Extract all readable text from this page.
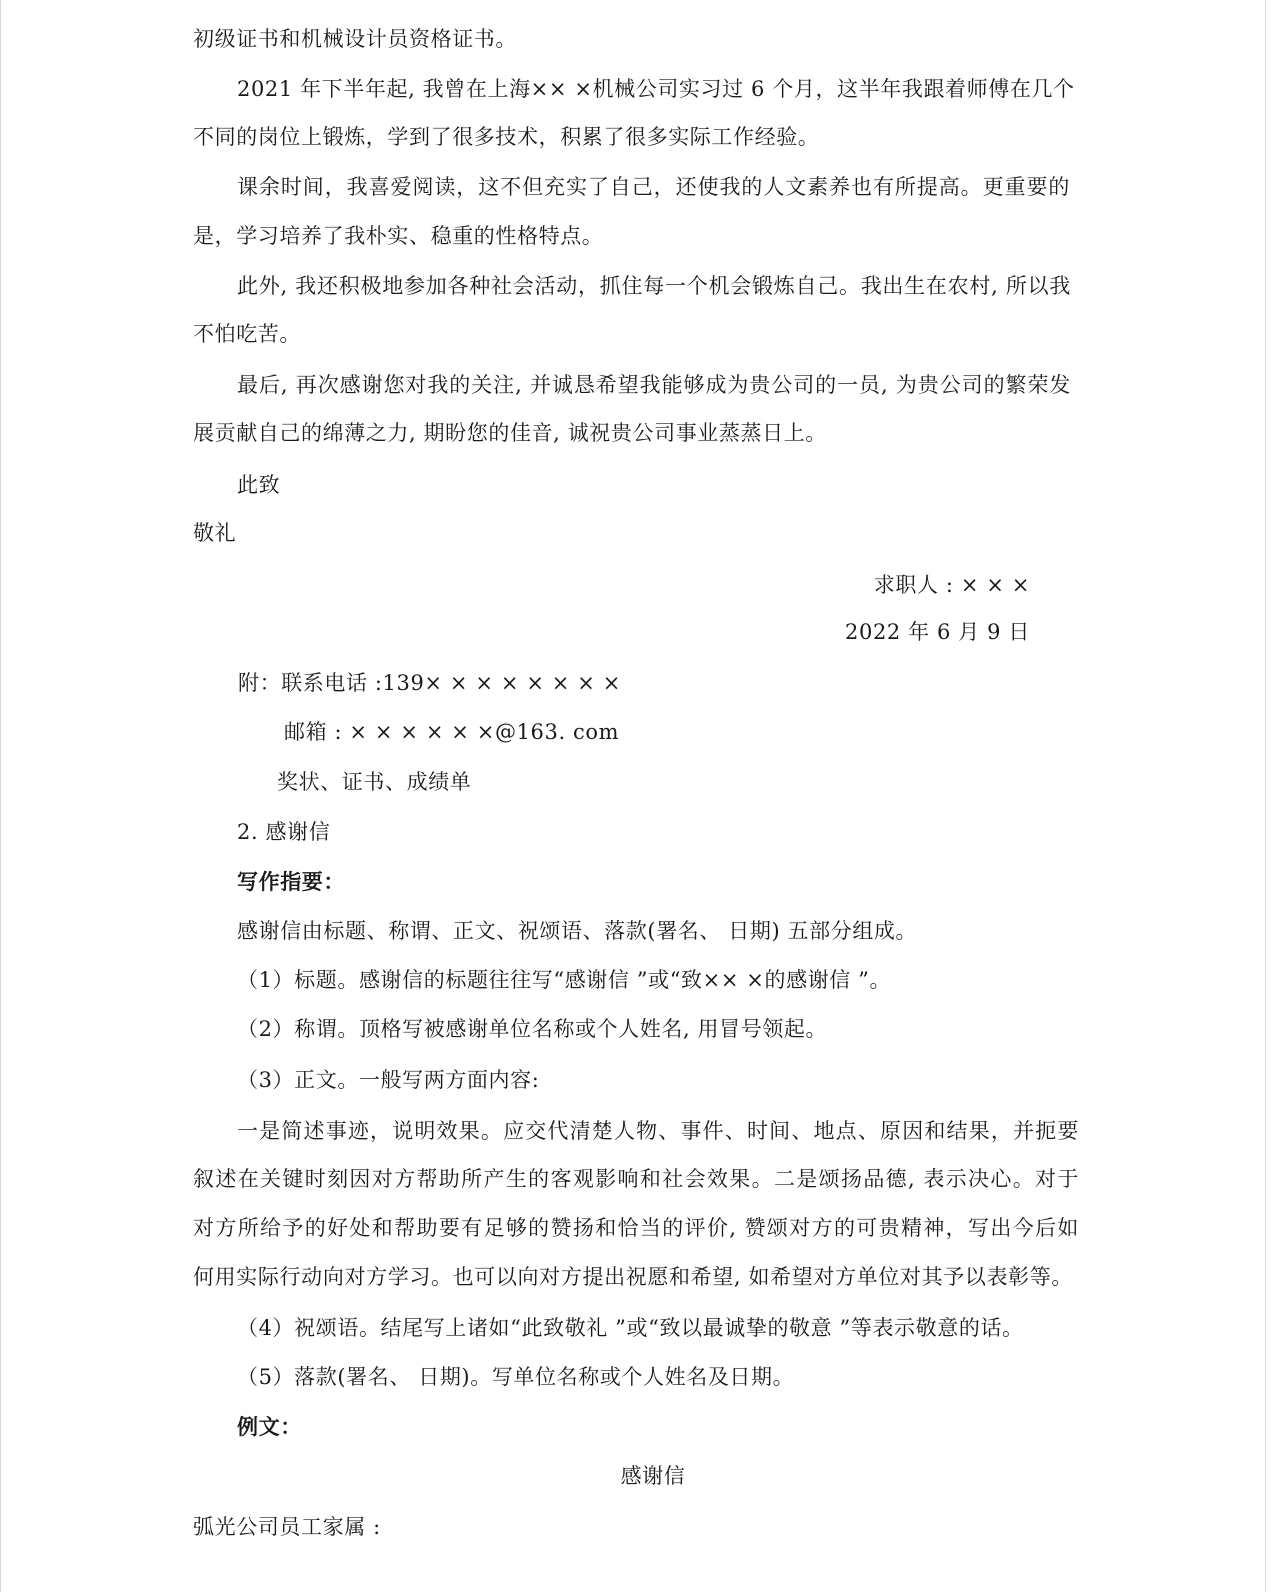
初级证书和机械设计员资格证书。
2021 年下半年起, 我曾在上海×× ×机械公司实习过 6 个月，这半年我跟着师傅在几个
不同的岗位上锻炼，学到了很多技术，积累了很多实际工作经验。
课余时间，我喜爱阅读，这不但充实了自己，还使我的人文素养也有所提高。更重要的
是，学习培养了我朴实、稳重的性格特点。
此外, 我还积极地参加各种社会活动，抓住每一个机会锻炼自己。我出生在农村, 所以我
不怕吃苦。
最后, 再次感谢您对我的关注, 并诚恳希望我能够成为贵公司的一员, 为贵公司的繁荣发
展贡献自己的绵薄之力, 期盼您的佳音, 诚祝贵公司事业蒸蒸日上。
此致
敬礼
求职人 : × × ×
2022 年 6 月 9 日
附：联系电话 :139× × × × × × × ×
邮箱 : × × × × × ×@163. com
奖状、证书、成绩单
2. 感谢信
写作指要：
感谢信由标题、称谓、正文、祝颂语、落款(署名、 日期) 五部分组成。
（1）标题。感谢信的标题往往写“感谢信 ”或“致×× ×的感谢信 ”。
（2）称谓。顶格写被感谢单位名称或个人姓名, 用冒号领起。
（3）正文。一般写两方面内容:
一是简述事迹，说明效果。应交代清楚人物、事件、时间、地点、原因和结果，并扼要
叙述在关键时刻因对方帮助所产生的客观影响和社会效果。二是颂扬品德, 表示决心。对于
对方所给予的好处和帮助要有足够的赞扬和恰当的评价, 赞颂对方的可贵精神，写出今后如
何用实际行动向对方学习。也可以向对方提出祝愿和希望, 如希望对方单位对其予以表彰等。
（4）祝颂语。结尾写上诸如“此致敬礼 ”或“致以最诚挚的敬意 ”等表示敬意的话。
（5）落款(署名、 日期)。写单位名称或个人姓名及日期。
例文：
感谢信
弧光公司员工家属 :
